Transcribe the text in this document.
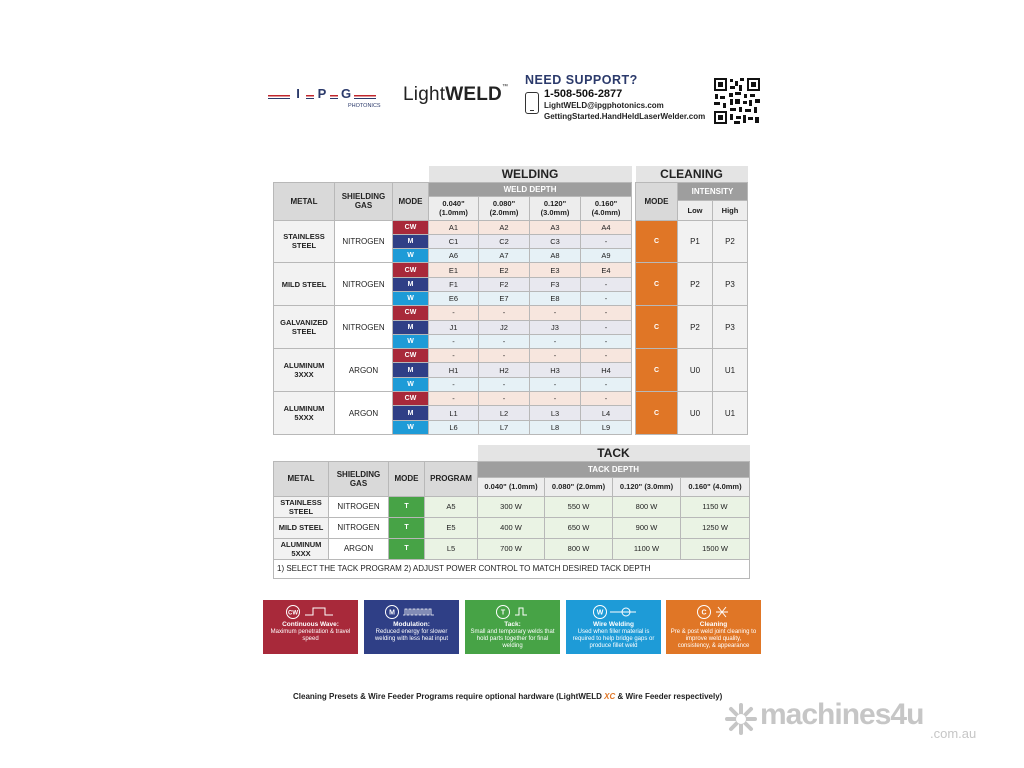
I P G
PHOTONICS
LightWELD™ NEED SUPPORT?
1-508-506-2877
LightWELD@ipgphotonics.com
GettingStarted.HandHeldLaserWelder.com
			WELDING			
METAL	SHIELDING GAS	MODE	WELD DEPTH			
			0.040" (1.0mm)	0.080" (2.0mm)	0.120" (3.0mm)	0.160" (4.0mm)
STAINLESS STEEL	NITROGEN	CW	A1	A2	A3	A4
		M	C1	C2	C3	-
		W	A6	A7	A8	A9
MILD STEEL	NITROGEN	CW	E1	E2	E3	E4
		M	F1	F2	F3	-
		W	E6	E7	E8	-
GALVANIZED STEEL	NITROGEN	CW	-	-	-	-
		M	J1	J2	J3	-
		W	-	-	-	-
ALUMINUM 3XXX	ARGON	CW	-	-	-	-
		M	H1	H2	H3	H4
		W	-	-	-	-
ALUMINUM 5XXX	ARGON	CW	-	-	-	-
		M	L1	L2	L3	L4
		W	L6	L7	L8	L9
CLEANING		
MODE	INTENSITY	
	Low	High
C	P1	P2
C	P2	P3
C	P2	P3
C	U0	U1
C	U0	U1
				TACK			
METAL	SHIELDING GAS	MODE	PROGRAM	TACK DEPTH			
				0.040" (1.0mm)	0.080" (2.0mm)	0.120" (3.0mm)	0.160" (4.0mm)
STAINLESS STEEL	NITROGEN	T	A5	300 W	550 W	800 W	1150 W
MILD STEEL	NITROGEN	T	E5	400 W	650 W	900 W	1250 W
ALUMINUM 5XXX	ARGON	T	L5	700 W	800 W	1100 W	1500 W
1) SELECT THE TACK PROGRAM 2) ADJUST POWER CONTROL TO MATCH DESIRED TACK DEPTH							
CW
Continuous Wave:
Maximum penetration & travel speed
M
Modulation:
Reduced energy for slower welding with less heat input
T
Tack:
Small and temporary welds that hold parts together for final welding
W
Wire Welding
Used when filler material is required to help bridge gaps or produce fillet weld
C
Cleaning
Pre & post weld joint cleaning to improve weld quality, consistency, & appearance
Cleaning Presets & Wire Feeder Programs require optional hardware (LightWELD XC & Wire Feeder respectively)
machines4u
.com.au
